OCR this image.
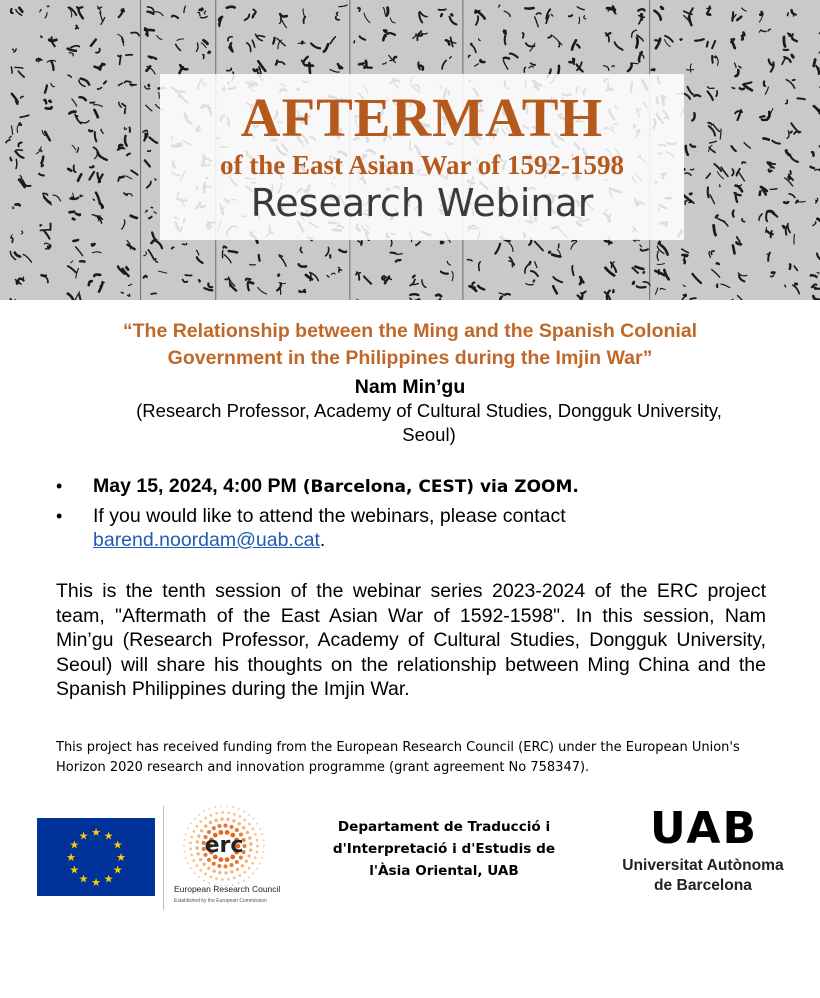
AFTERMATH
of the East Asian War of 1592-1598
Research Webinar
“The Relationship between the Ming and the Spanish Colonial
Government in the Philippines during the Imjin War”
Nam Min’gu
(Research Professor, Academy of Cultural Studies, Dongguk University,
Seoul)
• May 15, 2024, 4:00 PM (Barcelona, CEST) via ZOOM.
• If you would like to attend the webinars, please contact
barend.noordam@uab.cat.
This is the tenth session of the webinar series 2023-2024 of the ERC project team, "Aftermath of the East Asian War of 1592-1598". In this session, Nam Min’gu (Research Professor, Academy of Cultural Studies, Dongguk University, Seoul) will share his thoughts on the relationship between Ming China and the Spanish Philippines during the Imjin War.
This project has received funding from the European Research Council (ERC) under the European Union's Horizon 2020 research and innovation programme (grant agreement No 758347).
★ ★
★
★
★
★
★
★
★
★
★
★	erc
European Research Council
Established by the European Commission
Departament de Traducció i
d'Interpretació i d'Estudis de
l'Àsia Oriental, UAB
UAB
Universitat Autònoma
de Barcelona
